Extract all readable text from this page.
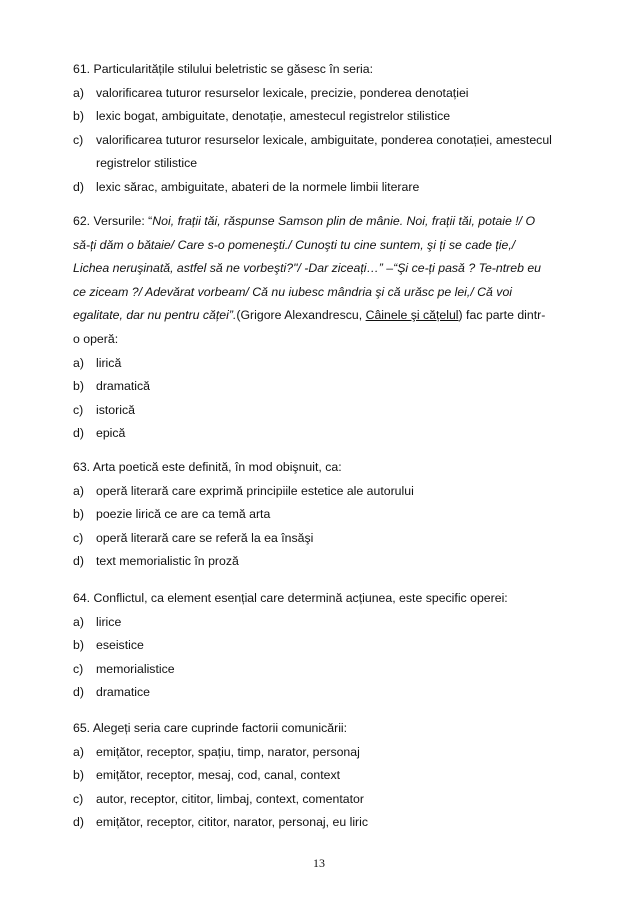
61. Particularitățile stilului beletristic se găsesc în seria:
a) valorificarea tuturor resurselor lexicale, precizie, ponderea denotației
b) lexic bogat, ambiguitate, denotație, amestecul registrelor stilistice
c)	valorificarea tuturor resurselor lexicale, ambiguitate, ponderea conotației, amestecul
registrelor stilistice
d) lexic sărac, ambiguitate, abateri de la normele limbii literare
62. Versurile: “Noi, frații tăi, răspunse Samson plin de mânie. Noi, frații tăi, potaie !/ O
să-ți dăm o bătaie/ Care s-o pomeneşti./ Cunoşti tu cine suntem, şi ți se cade ție,/
Lichea neruşinată, astfel să ne vorbeşti?"/ -Dar ziceați…” –“Şi ce-ți pasă ? Te-ntreb eu
ce ziceam ?/ Adevărat vorbeam/ Că nu iubesc mândria şi că urăsc pe lei,/ Că voi
egalitate, dar nu pentru căței”.(Grigore Alexandrescu, Câinele şi cățelul) fac parte dintr-
o operă:
a) lirică
b) dramatică
c)	istorică
d) epică
63. Arta poetică este definită, în mod obişnuit, ca:
a) operă literară care exprimă principiile estetice ale autorului
b) poezie lirică ce are ca temă arta
c)	operă literară care se referă la ea însăşi
d) text memorialistic în proză
64. Conflictul, ca element esențial care determină acțiunea, este specific operei:
a) lirice
b) eseistice
c)	memorialistice
d) dramatice
65. Alegeți seria care cuprinde factorii comunicării:
a) emițător, receptor, spațiu, timp, narator, personaj
b) emițător, receptor, mesaj, cod, canal, context
c)	autor, receptor, cititor, limbaj, context, comentator
d) emițător, receptor, cititor, narator, personaj, eu liric
13
